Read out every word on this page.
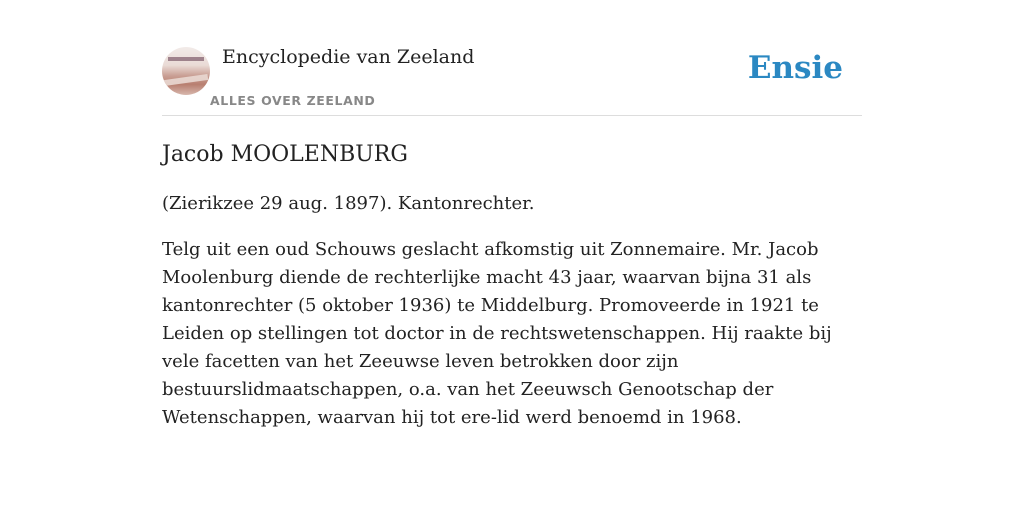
Encyclopedie van Zeeland
ALLES OVER ZEELAND
Ensie
Jacob MOOLENBURG

(Zierikzee 29 aug. 1897). Kantonrechter.

Telg uit een oud Schouws geslacht afkomstig uit Zonnemaire. Mr. Jacob Moolenburg diende de rechterlijke macht 43 jaar, waarvan bijna 31 als kantonrechter (5 oktober 1936) te Middelburg. Promoveerde in 1921 te Leiden op stellingen tot doctor in de rechtswetenschappen. Hij raakte bij vele facetten van het Zeeuwse leven betrokken door zijn bestuurslidmaatschappen, o.a. van het Zeeuwsch Genootschap der Wetenschappen, waarvan hij tot ere-lid werd benoemd in 1968.
